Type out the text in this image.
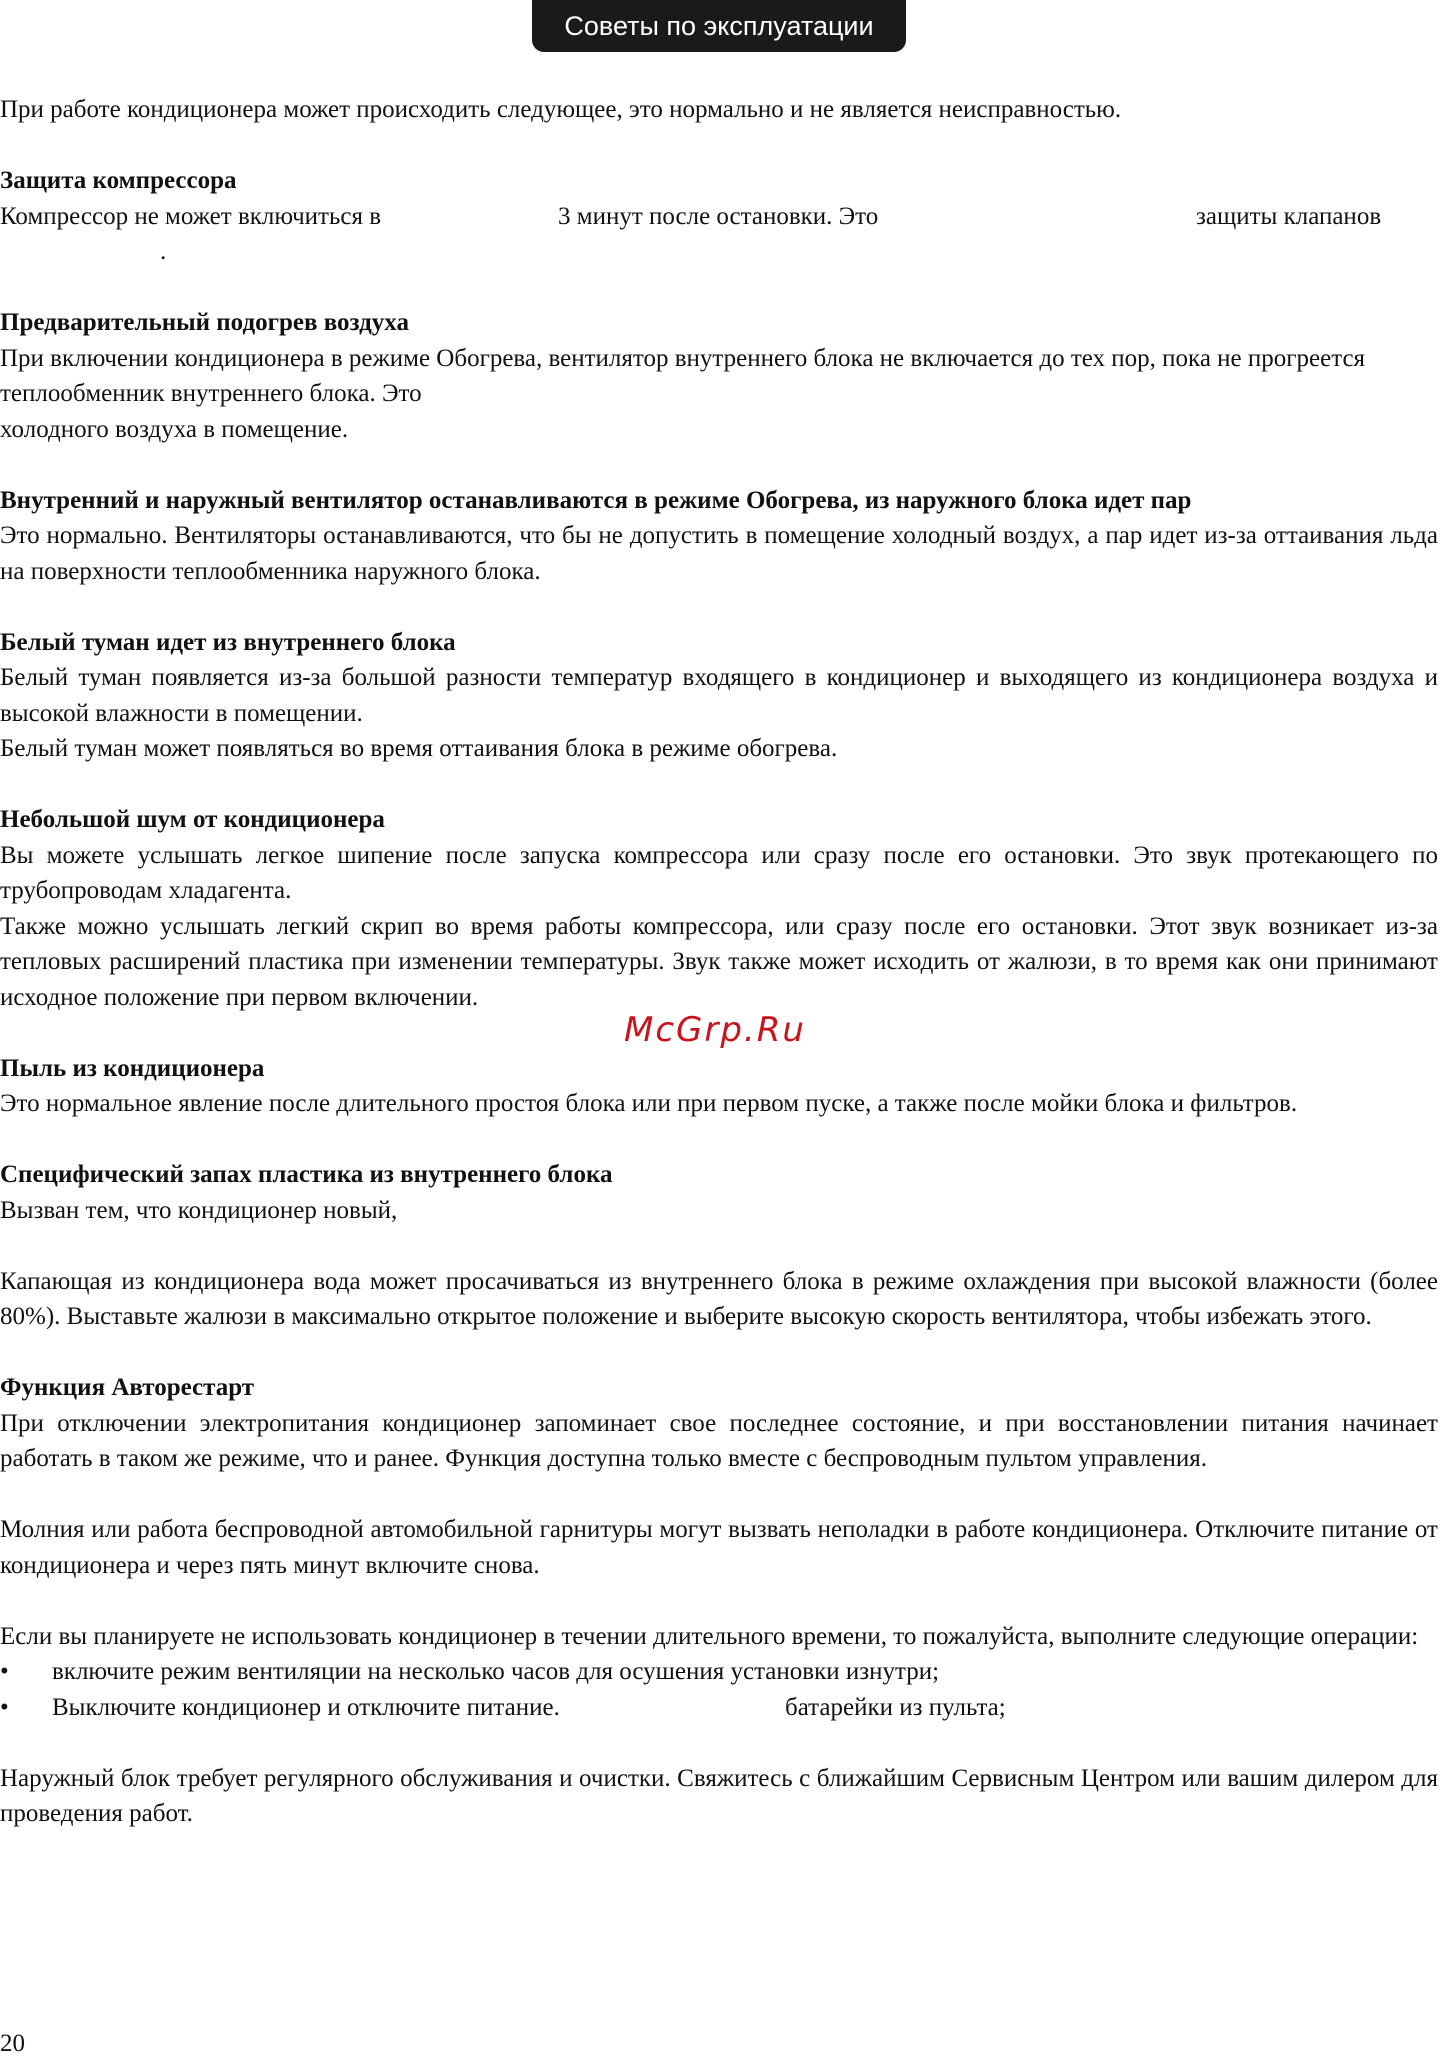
Советы по эксплуатации
При работе кондиционера может происходить следующее, это нормально и не является неисправностью.
Защита компрессора
Компрессор не может включиться в	3 минут после остановки. Это	защиты клапанов
.
Предварительный подогрев воздуха
При включении кондиционера в режиме Обогрева, вентилятор внутреннего блока не включается до тех пор, пока не прогреется теплообменник внутреннего блока. Это
холодного воздуха в помещение.
Внутренний и наружный вентилятор останавливаются в режиме Обогрева, из наружного блока идет пар
Это нормально. Вентиляторы останавливаются, что бы не допустить в помещение холодный воздух, а пар идет из-за оттаивания льда на поверхности теплообменника наружного блока.
Белый туман идет из внутреннего блока
Белый туман появляется из-за большой разности температур входящего в кондиционер и выходящего из кондиционера воздуха и высокой влажности в помещении.
Белый туман может появляться во время оттаивания блока в режиме обогрева.
Небольшой шум от кондиционера
Вы можете услышать легкое шипение после запуска компрессора или сразу после его остановки. Это звук протекающего по трубопроводам хладагента.
Также можно услышать легкий скрип во время работы компрессора, или сразу после его остановки. Этот звук возникает из-за тепловых расширений пластика при изменении температуры. Звук также может исходить от жалюзи, в то время как они принимают исходное положение при первом включении.
Пыль из кондиционера
Это нормальное явление после длительного простоя блока или при первом пуске, а также после мойки блока и фильтров.
Специфический запах пластика из внутреннего блока
Вызван тем, что кондиционер новый,
Капающая из кондиционера вода может просачиваться из внутреннего блока в режиме охлаждения при высокой влажности (более 80%). Выставьте жалюзи в максимально открытое положение и выберите высокую скорость вентилятора, чтобы избежать этого.
Функция Авторестарт
При отключении электропитания кондиционер запоминает свое последнее состояние, и при восстановлении питания начинает работать в таком же режиме, что и ранее. Функция доступна только вместе с беспроводным пультом управления.
Молния или работа беспроводной автомобильной гарнитуры могут вызвать неполадки в работе кондиционера. Отключите питание от кондиционера и через пять минут включите снова.
Если вы планируете не использовать кондиционер в течении длительного времени, то пожалуйста, выполните следующие операции:
• включите режим вентиляции на несколько часов для осушения установки изнутри;
• Выключите кондиционер и отключите питание.	батарейки из пульта;
Наружный блок требует регулярного обслуживания и очистки. Свяжитесь с ближайшим Сервисным Центром или вашим дилером для проведения работ.
McGrp.Ru
20
